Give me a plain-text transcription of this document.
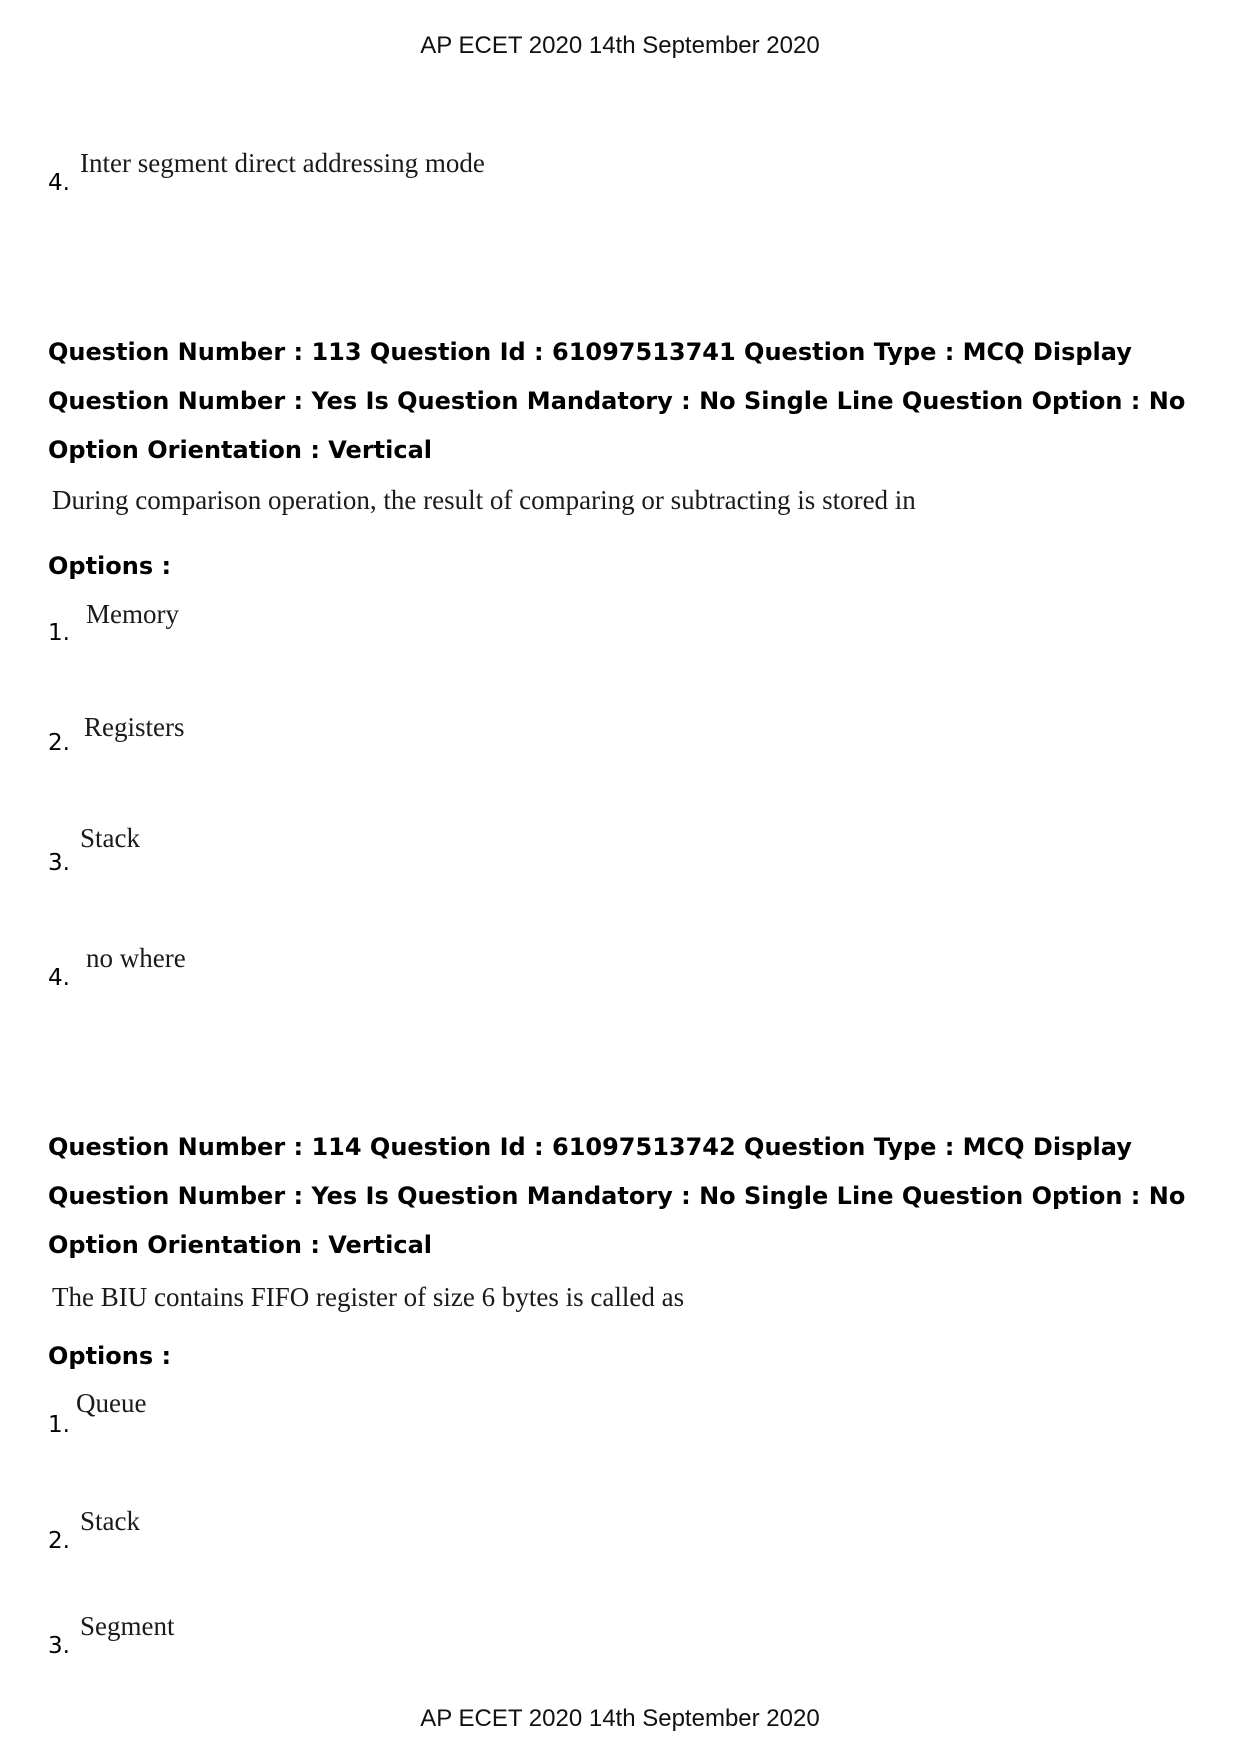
AP ECET 2020 14th September 2020
4.
Inter segment direct addressing mode
Question Number : 113 Question Id : 61097513741 Question Type : MCQ Display Question Number : Yes Is Question Mandatory : No Single Line Question Option : No Option Orientation : Vertical
During comparison operation, the result of comparing or subtracting is stored in
Options :
1.
Memory
2.
Registers
3.
Stack
4.
no where
Question Number : 114 Question Id : 61097513742 Question Type : MCQ Display Question Number : Yes Is Question Mandatory : No Single Line Question Option : No Option Orientation : Vertical
The BIU contains FIFO register of size 6 bytes is called as
Options :
1.
Queue
2.
Stack
3.
Segment
AP ECET 2020 14th September 2020
